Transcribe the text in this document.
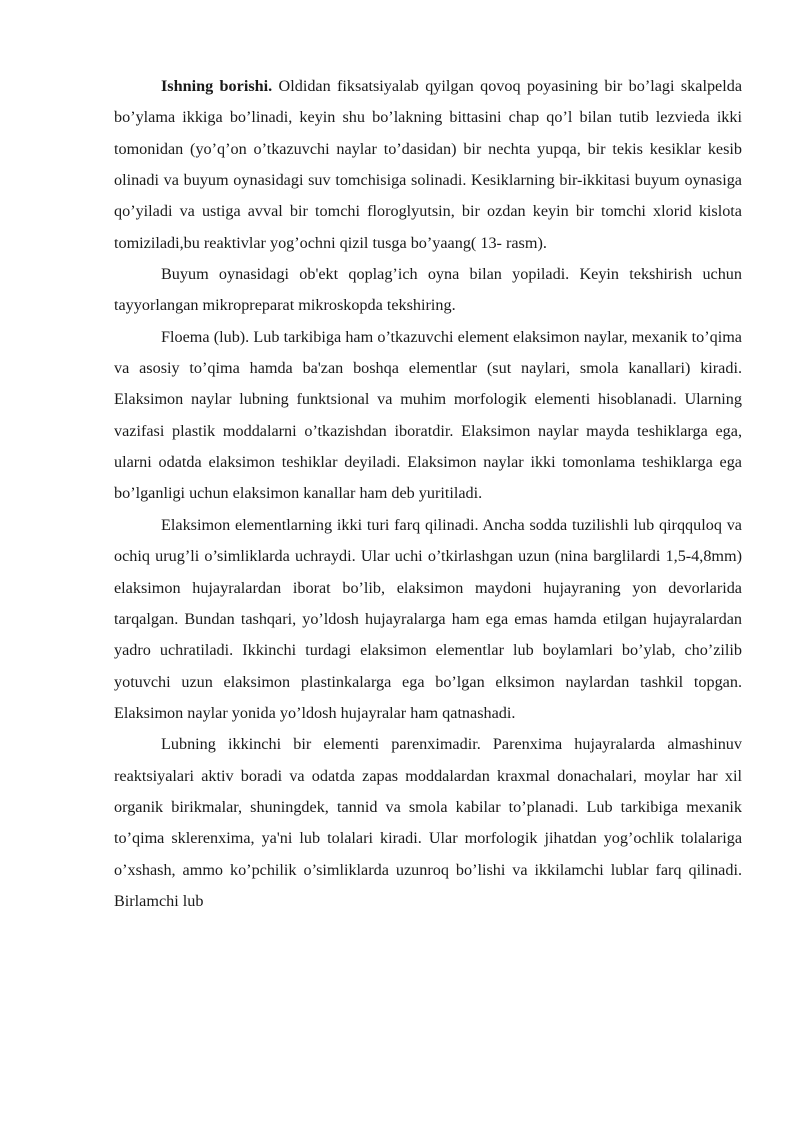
Ishning borishi. Oldidan fiksatsiyalab qyilgan qovoq poyasining bir bo’lagi skalpelda bo’ylama ikkiga bo’linadi, keyin shu bo’lakning bittasini chap qo’l bilan tutib lezvieda ikki tomonidan (yo’q’on o’tkazuvchi naylar to’dasidan) bir nechta yupqa, bir tekis kesiklar kesib olinadi va buyum oynasidagi suv tomchisiga solinadi. Kesiklarning bir-ikkitasi buyum oynasiga qo’yiladi va ustiga avval bir tomchi floroglyutsin, bir ozdan keyin bir tomchi xlorid kislota tomiziladi,bu reaktivlar yog’ochni qizil tusga bo’yaang( 13- rasm).

Buyum oynasidagi ob'ekt qoplag’ich oyna bilan yopiladi. Keyin tekshirish uchun tayyorlangan mikropreparat mikroskopda tekshiring.

Floema (lub). Lub tarkibiga ham o’tkazuvchi element elaksimon naylar, mexanik to’qima va asosiy to’qima hamda ba'zan boshqa elementlar (sut naylari, smola kanallari) kiradi. Elaksimon naylar lubning funktsional va muhim morfologik elementi hisoblanadi. Ularning vazifasi plastik moddalarni o’tkazishdan iboratdir. Elaksimon naylar mayda teshiklarga ega, ularni odatda elaksimon teshiklar deyiladi. Elaksimon naylar ikki tomonlama teshiklarga ega bo’lganligi uchun elaksimon kanallar ham deb yuritiladi.

Elaksimon elementlarning ikki turi farq qilinadi. Ancha sodda tuzilishli lub qirqquloq va ochiq urug’li o’simliklarda uchraydi. Ular uchi o’tkirlashgan uzun (nina barglilardi 1,5-4,8mm) elaksimon hujayralardan iborat bo’lib, elaksimon maydoni hujayraning yon devorlarida tarqalgan. Bundan tashqari, yo’ldosh hujayralarga ham ega emas hamda etilgan hujayralardan yadro uchratiladi. Ikkinchi turdagi elaksimon elementlar lub boylamlari bo’ylab, cho’zilib yotuvchi uzun elaksimon plastinkalarga ega bo’lgan elksimon naylardan tashkil topgan. Elaksimon naylar yonida yo’ldosh hujayralar ham qatnashadi.

Lubning ikkinchi bir elementi parenximadir. Parenxima hujayralarda almashinuv reaktsiyalari aktiv boradi va odatda zapas moddalardan kraxmal donachalari, moylar har xil organik birikmalar, shuningdek, tannid va smola kabilar to’planadi. Lub tarkibiga mexanik to’qima sklerenxima, ya'ni lub tolalari kiradi. Ular morfologik jihatdan yog’ochlik tolalariga o’xshash, ammo ko’pchilik o’simliklarda uzunroq bo’lishi va ikkilamchi lublar farq qilinadi. Birlamchi lub
